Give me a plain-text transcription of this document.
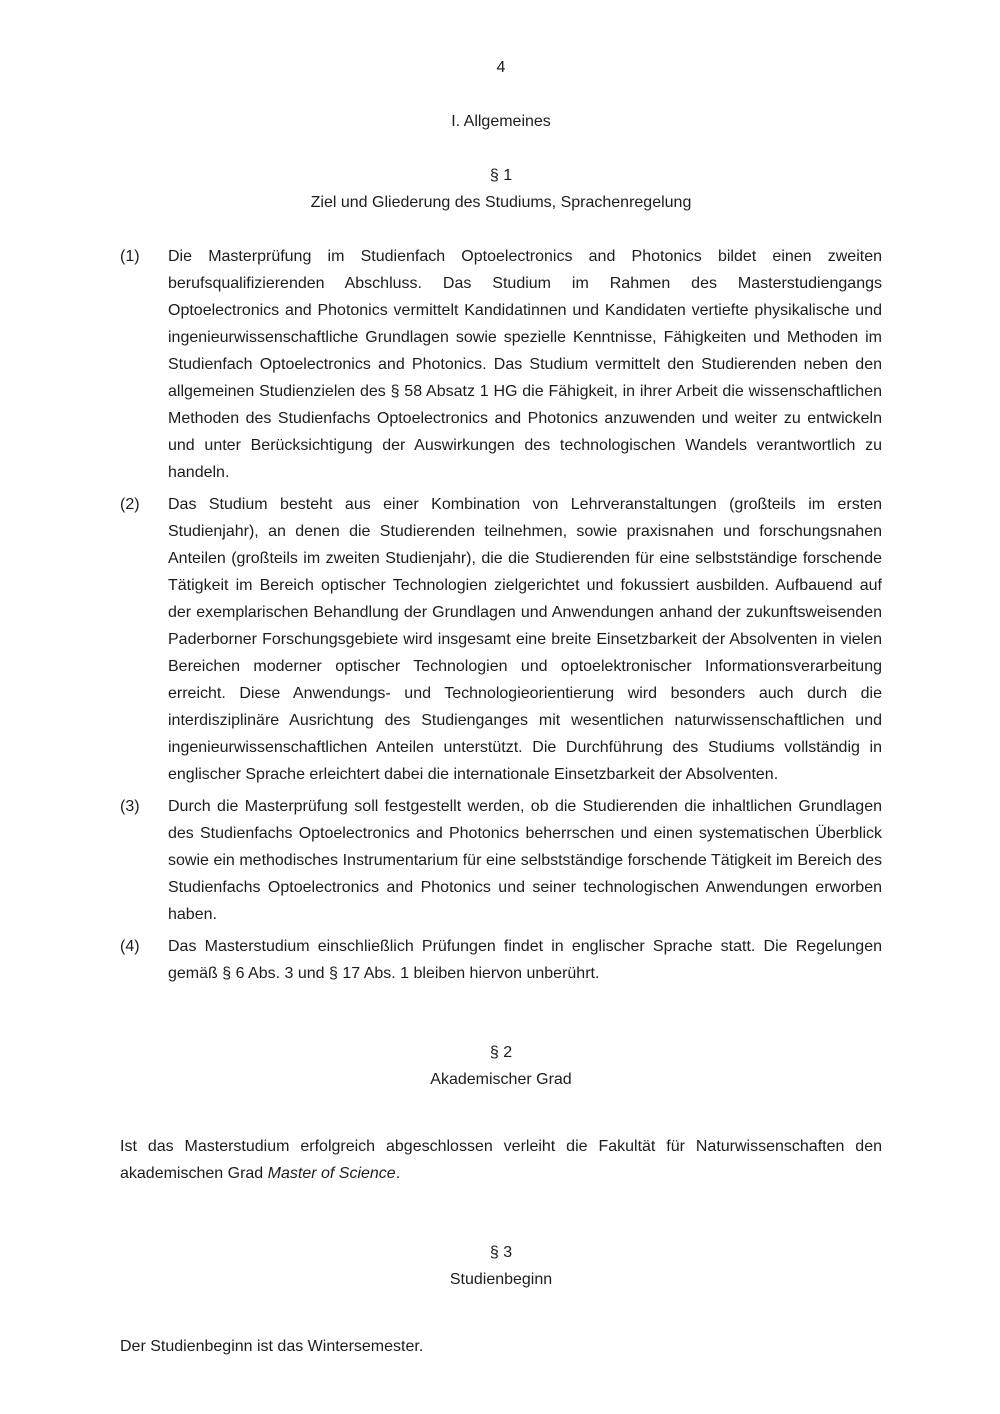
4
I. Allgemeines
§ 1
Ziel und Gliederung des Studiums, Sprachenregelung
(1)	Die Masterprüfung im Studienfach Optoelectronics and Photonics bildet einen zweiten berufsqualifizierenden Abschluss. Das Studium im Rahmen des Masterstudiengangs Optoelectronics and Photonics vermittelt Kandidatinnen und Kandidaten vertiefte physikalische und ingenieurwissenschaftliche Grundlagen sowie spezielle Kenntnisse, Fähigkeiten und Methoden im Studienfach Optoelectronics and Photonics. Das Studium vermittelt den Studierenden neben den allgemeinen Studienzielen des § 58 Absatz 1 HG die Fähigkeit, in ihrer Arbeit die wissenschaftlichen Methoden des Studienfachs Optoelectronics and Photonics anzuwenden und weiter zu entwickeln und unter Berücksichtigung der Auswirkungen des technologischen Wandels verantwortlich zu handeln.
(2)	Das Studium besteht aus einer Kombination von Lehrveranstaltungen (großteils im ersten Studienjahr), an denen die Studierenden teilnehmen, sowie praxisnahen und forschungsnahen Anteilen (großteils im zweiten Studienjahr), die die Studierenden für eine selbstständige forschende Tätigkeit im Bereich optischer Technologien zielgerichtet und fokussiert ausbilden. Aufbauend auf der exemplarischen Behandlung der Grundlagen und Anwendungen anhand der zukunftsweisenden Paderborner Forschungsgebiete wird insgesamt eine breite Einsetzbarkeit der Absolventen in vielen Bereichen moderner optischer Technologien und optoelektronischer Informationsverarbeitung erreicht. Diese Anwendungs- und Technologieorientierung wird besonders auch durch die interdisziplinäre Ausrichtung des Studienganges mit wesentlichen naturwissenschaftlichen und ingenieurwissenschaftlichen Anteilen unterstützt. Die Durchführung des Studiums vollständig in englischer Sprache erleichtert dabei die internationale Einsetzbarkeit der Absolventen.
(3)	Durch die Masterprüfung soll festgestellt werden, ob die Studierenden die inhaltlichen Grundlagen des Studienfachs Optoelectronics and Photonics beherrschen und einen systematischen Überblick sowie ein methodisches Instrumentarium für eine selbstständige forschende Tätigkeit im Bereich des Studienfachs Optoelectronics and Photonics und seiner technologischen Anwendungen erworben haben.
(4)	Das Masterstudium einschließlich Prüfungen findet in englischer Sprache statt. Die Regelungen gemäß § 6 Abs. 3 und § 17 Abs. 1 bleiben hiervon unberührt.
§ 2
Akademischer Grad

Ist das Masterstudium erfolgreich abgeschlossen verleiht die Fakultät für Naturwissenschaften den akademischen Grad Master of Science.

§ 3
Studienbeginn

Der Studienbeginn ist das Wintersemester.
